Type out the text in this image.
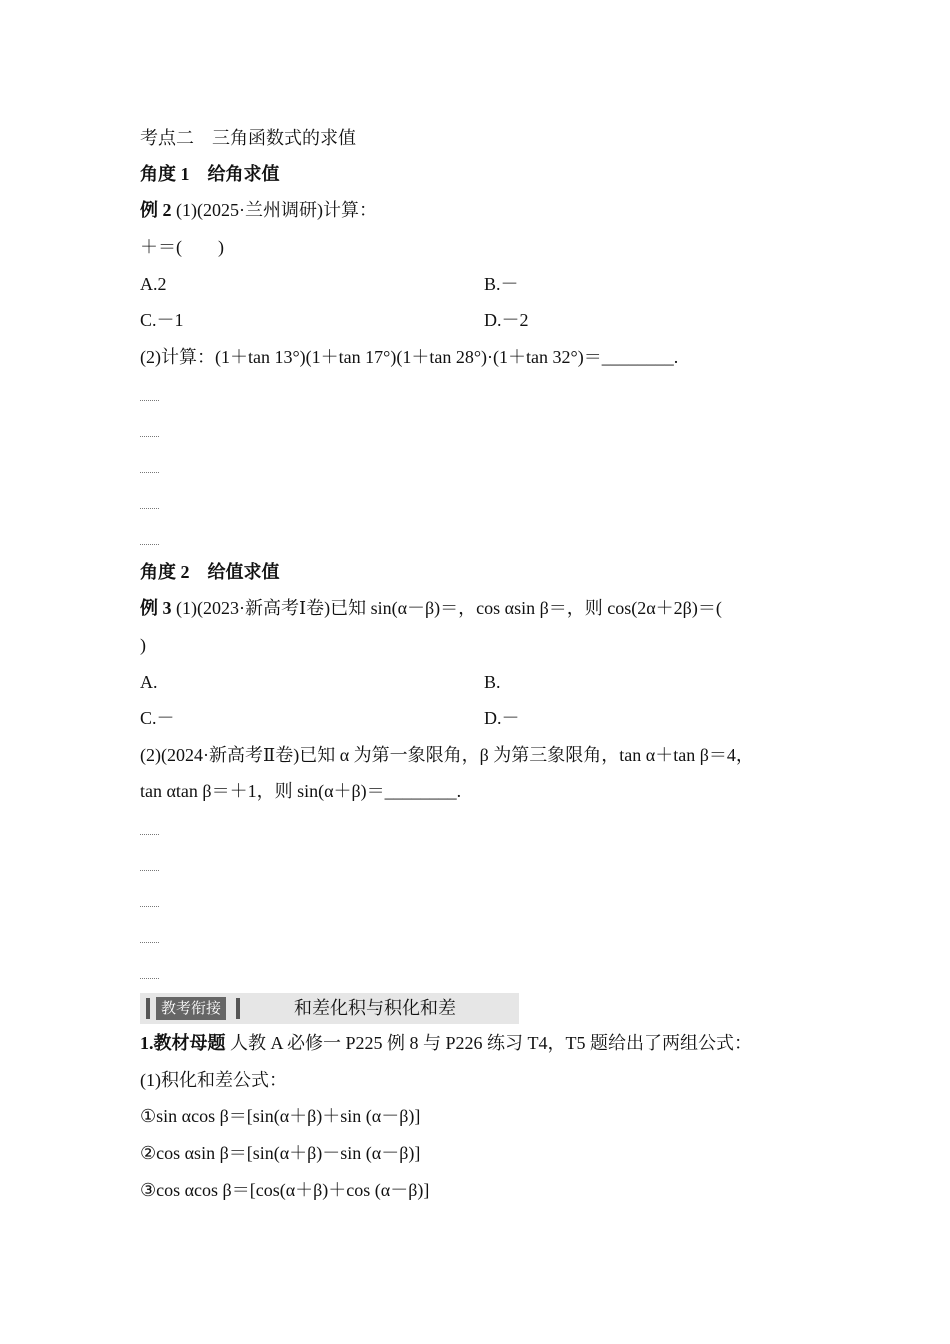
考点二　三角函数式的求值
角度 1　给角求值
例 2 (1)(2025·兰州调研)计算：
＋＝(　　)
A.2	B.－
C.－1	D.－2
(2)计算：(1＋tan 13°)(1＋tan 17°)(1＋tan 28°)·(1＋tan 32°)＝________.
角度 2　给值求值
例 3 (1)(2023·新高考Ⅰ卷)已知 sin(α－β)＝，cos αsin β＝，则 cos(2α＋2β)＝(
)
A.	B.
C.－	D.－
(2)(2024·新高考Ⅱ卷)已知 α 为第一象限角，β 为第三象限角，tan α＋tan β＝4，
tan αtan β＝＋1，则 sin(α＋β)＝________.
教考衔接	和差化积与积化和差
1.教材母题 人教 A 必修一 P225 例 8 与 P226 练习 T4，T5 题给出了两组公式：
(1)积化和差公式：
①sin αcos β＝[sin(α＋β)＋sin (α－β)]
②cos αsin β＝[sin(α＋β)－sin (α－β)]
③cos αcos β＝[cos(α＋β)＋cos (α－β)]
